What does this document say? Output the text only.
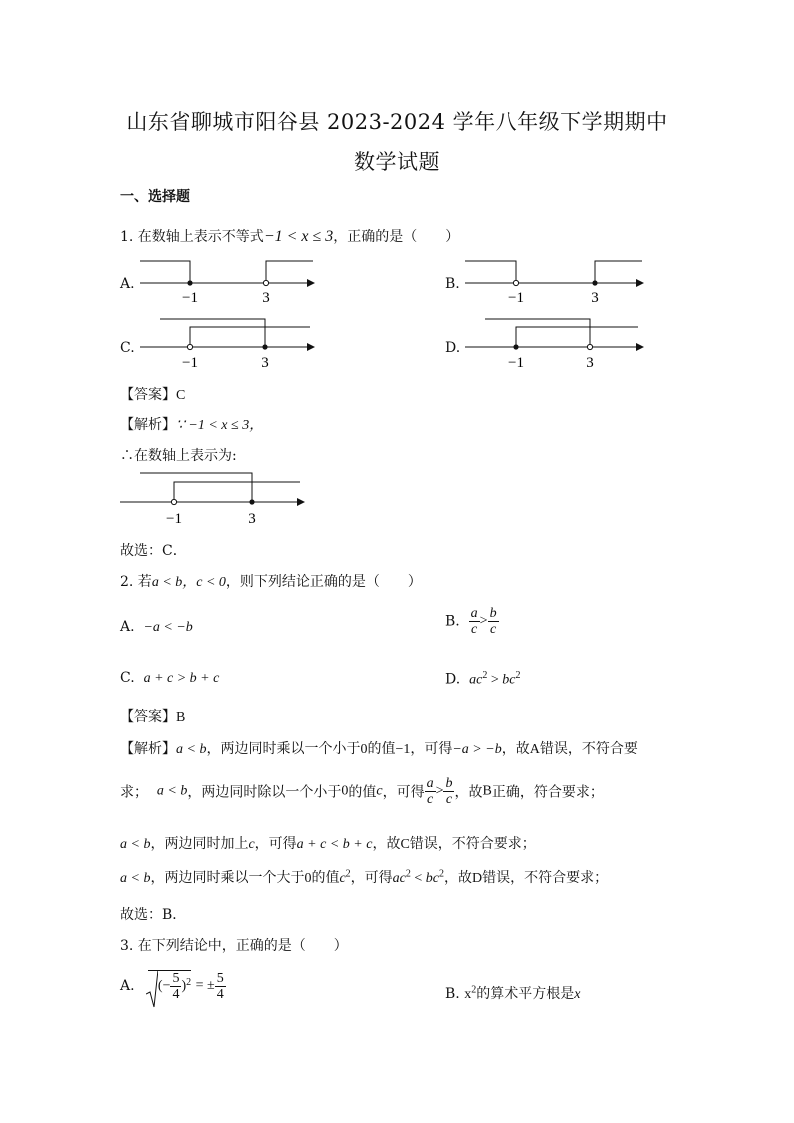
山东省聊城市阳谷县 2023-2024 学年八年级下学期期中
数学试题
一、选择题
1. 在数轴上表示不等式−1 < x ≤ 3，正确的是（　　）
A.	B.
C.	D.
−1	3	−1	3
−1	3	−1	3
【答案】C
【解析】∵ −1 < x ≤ 3，
∴在数轴上表示为:
−1	3
故选：C．
2. 若a < b，c < 0，则下列结论正确的是（　　）
A. −a < −b	B. $\frac{a}{c} > \frac{b}{c}$
C. a + c > b + c	D. $ac^2 > bc^2$
【答案】B
【解析】a < b，两边同时乘以一个小于0的值−1，可得−a > −b，故A错误，不符合要
求； a < b，两边同时除以一个小于0的值c，可得 $\frac{a}{c} > \frac{b}{c}$ ，故B正确，符合要求；
a < b，两边同时加上c，可得a + c < b + c，故C错误，不符合要求；
a < b，两边同时乘以一个大于0的值$c^2$，可得$ac^2 < bc^2$，故D错误，不符合要求；
故选：B．
3. 在下列结论中，正确的是（　　）
A. (− $\frac{5}{4} )^2$ = ± $\frac{5}{4}$	B. $x^2$的算术平方根是x
